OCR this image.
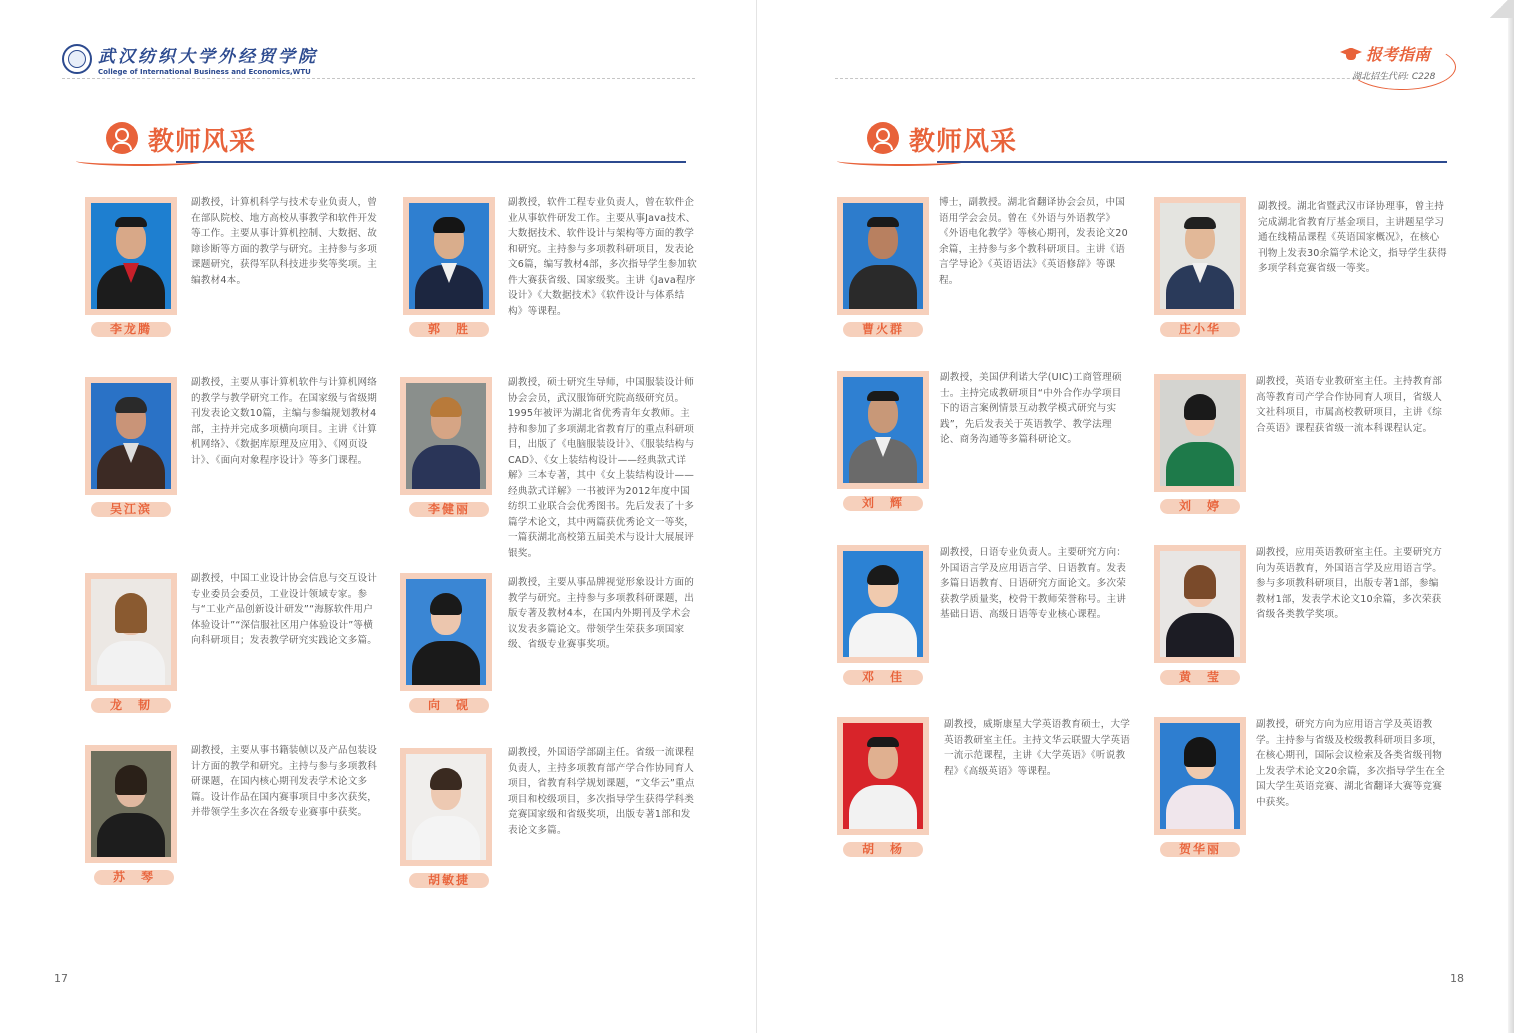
武汉纺织大学外经贸学院
College of International Business and Economics,WTU
教师风采
李龙腾
副教授，计算机科学与技术专业负责人，曾在部队院校、地方高校从事教学和软件开发等工作。主要从事计算机控制、大数据、故障诊断等方面的教学与研究。主持参与多项课题研究，获得军队科技进步奖等奖项。主编教材4本。
郭　胜
副教授，软件工程专业负责人，曾在软件企业从事软件研发工作。主要从事Java技术、大数据技术、软件设计与架构等方面的教学和研究。主持参与多项教科研项目，发表论文6篇，编写教材4部，多次指导学生参加软件大赛获省级、国家级奖。主讲《Java程序设计》《大数据技术》《软件设计与体系结构》等课程。
吴江滨
副教授，主要从事计算机软件与计算机网络的教学与教学研究工作。在国家级与省级期刊发表论文数10篇，主编与参编规划教材4部，主持并完成多项横向项目。主讲《计算机网络》、《数据库原理及应用》、《网页设计》、《面向对象程序设计》等多门课程。
李健丽
副教授，硕士研究生导师，中国服装设计师协会会员，武汉服饰研究院高级研究员。1995年被评为湖北省优秀青年女教师。主持和参加了多项湖北省教育厅的重点科研项目，出版了《电脑服装设计》、《服装结构与CAD》、《女上装结构设计——经典款式详解》三本专著，其中《女上装结构设计——经典款式详解》一书被评为2012年度中国纺织工业联合会优秀图书。先后发表了十多篇学术论文，其中两篇获优秀论文一等奖，一篇获湖北高校第五届美术与设计大展展评银奖。
龙　韧
副教授，中国工业设计协会信息与交互设计专业委员会委员，工业设计领域专家。参与“工业产品创新设计研发”“海豚软件用户体验设计”“深信服社区用户体验设计”等横向科研项目；发表教学研究实践论文多篇。
向　砚
副教授，主要从事品牌视觉形象设计方面的教学与研究。主持参与多项教科研课题，出版专著及教材4本，在国内外期刊及学术会议发表多篇论文。带领学生荣获多项国家级、省级专业赛事奖项。
苏　琴
副教授，主要从事书籍装帧以及产品包装设计方面的教学和研究。主持与参与多项教科研课题，在国内核心期刊发表学术论文多篇。设计作品在国内赛事项目中多次获奖，并带领学生多次在各级专业赛事中获奖。
胡敏捷
副教授，外国语学部副主任。省级一流课程负责人，主持多项教育部产学合作协同育人项目，省教育科学规划课题，“文华云”重点项目和校级项目，多次指导学生获得学科类竞赛国家级和省级奖项，出版专著1部和发表论文多篇。
17
报考指南
湖北招生代码: C228
教师风采
曹火群
博士，副教授。湖北省翻译协会会员，中国语用学会会员。曾在《外语与外语教学》《外语电化教学》等核心期刊，发表论文20余篇，主持参与多个教科研项目。主讲《语言学导论》《英语语法》《英语修辞》等课程。
庄小华
副教授。湖北省暨武汉市译协理事，曾主持完成湖北省教育厅基金项目，主讲题星学习通在线精品课程《英语国家概况》，在核心刊物上发表30余篇学术论文，指导学生获得多项学科竞赛省级一等奖。
刘　辉
副教授，美国伊利诺大学(UIC)工商管理硕士。主持完成教研项目“中外合作办学项目下的语言案例情景互动教学模式研究与实践”，先后发表关于英语教学、教学法理论、商务沟通等多篇科研论文。
刘　婷
副教授，英语专业教研室主任。主持教育部高等教育司产学合作协同育人项目，省级人文社科项目，市属高校教研项目，主讲《综合英语》课程获省级一流本科课程认定。
邓　佳
副教授，日语专业负责人。主要研究方向：外国语言学及应用语言学、日语教育。发表多篇日语教育、日语研究方面论文。多次荣获教学质量奖，校骨干教师荣誉称号。主讲基础日语、高级日语等专业核心课程。
黄　莹
副教授，应用英语教研室主任。主要研究方向为英语教育，外国语言学及应用语言学。参与多项教科研项目，出版专著1部，参编教材1部，发表学术论文10余篇，多次荣获省级各类教学奖项。
胡　杨
副教授，威斯康星大学英语教育硕士，大学英语教研室主任。主持文华云联盟大学英语一流示范课程，主讲《大学英语》《听说教程》《高级英语》等课程。
贺华丽
副教授，研究方向为应用语言学及英语教学。主持参与省级及校级教科研项目多项，在核心期刊，国际会议检索及各类省级刊物上发表学术论文20余篇，多次指导学生在全国大学生英语竞赛、湖北省翻译大赛等竞赛中获奖。
18
